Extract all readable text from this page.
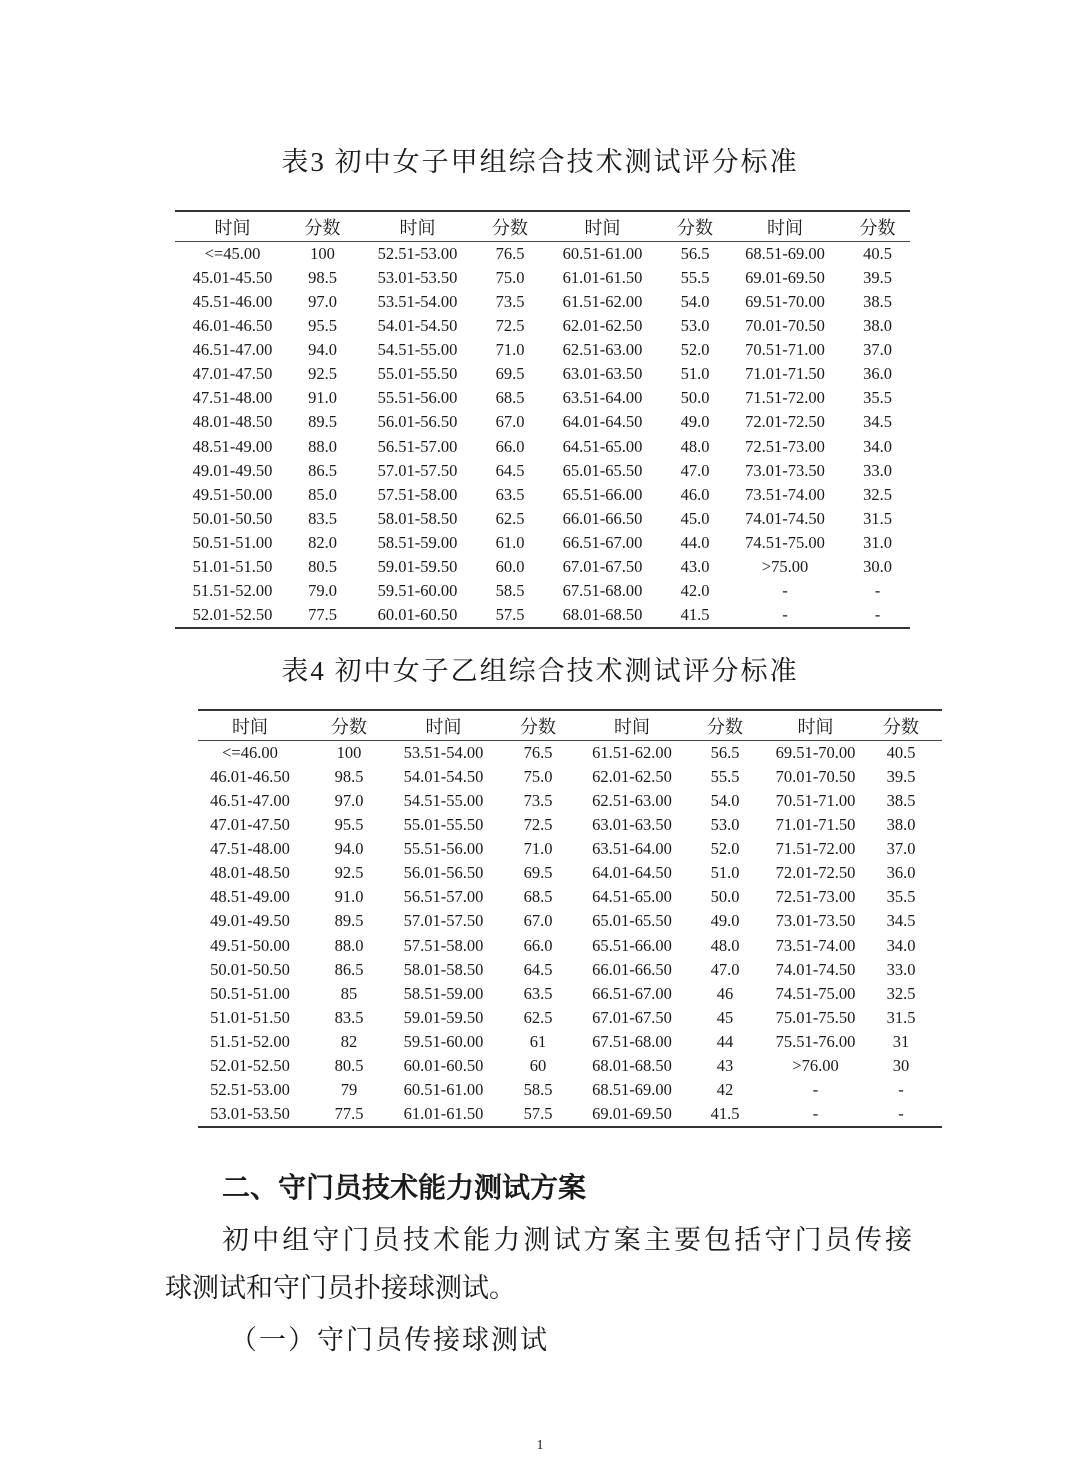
表3 初中女子甲组综合技术测试评分标准
时间	分数	时间	分数	时间	分数	时间	分数
<=45.00	100	52.51-53.00	76.5	60.51-61.00	56.5	68.51-69.00	40.5
45.01-45.50	98.5	53.01-53.50	75.0	61.01-61.50	55.5	69.01-69.50	39.5
45.51-46.00	97.0	53.51-54.00	73.5	61.51-62.00	54.0	69.51-70.00	38.5
46.01-46.50	95.5	54.01-54.50	72.5	62.01-62.50	53.0	70.01-70.50	38.0
46.51-47.00	94.0	54.51-55.00	71.0	62.51-63.00	52.0	70.51-71.00	37.0
47.01-47.50	92.5	55.01-55.50	69.5	63.01-63.50	51.0	71.01-71.50	36.0
47.51-48.00	91.0	55.51-56.00	68.5	63.51-64.00	50.0	71.51-72.00	35.5
48.01-48.50	89.5	56.01-56.50	67.0	64.01-64.50	49.0	72.01-72.50	34.5
48.51-49.00	88.0	56.51-57.00	66.0	64.51-65.00	48.0	72.51-73.00	34.0
49.01-49.50	86.5	57.01-57.50	64.5	65.01-65.50	47.0	73.01-73.50	33.0
49.51-50.00	85.0	57.51-58.00	63.5	65.51-66.00	46.0	73.51-74.00	32.5
50.01-50.50	83.5	58.01-58.50	62.5	66.01-66.50	45.0	74.01-74.50	31.5
50.51-51.00	82.0	58.51-59.00	61.0	66.51-67.00	44.0	74.51-75.00	31.0
51.01-51.50	80.5	59.01-59.50	60.0	67.01-67.50	43.0	>75.00	30.0
51.51-52.00	79.0	59.51-60.00	58.5	67.51-68.00	42.0	-	-
52.01-52.50	77.5	60.01-60.50	57.5	68.01-68.50	41.5	-	-
表4 初中女子乙组综合技术测试评分标准
时间	分数	时间	分数	时间	分数	时间	分数
<=46.00	100	53.51-54.00	76.5	61.51-62.00	56.5	69.51-70.00	40.5
46.01-46.50	98.5	54.01-54.50	75.0	62.01-62.50	55.5	70.01-70.50	39.5
46.51-47.00	97.0	54.51-55.00	73.5	62.51-63.00	54.0	70.51-71.00	38.5
47.01-47.50	95.5	55.01-55.50	72.5	63.01-63.50	53.0	71.01-71.50	38.0
47.51-48.00	94.0	55.51-56.00	71.0	63.51-64.00	52.0	71.51-72.00	37.0
48.01-48.50	92.5	56.01-56.50	69.5	64.01-64.50	51.0	72.01-72.50	36.0
48.51-49.00	91.0	56.51-57.00	68.5	64.51-65.00	50.0	72.51-73.00	35.5
49.01-49.50	89.5	57.01-57.50	67.0	65.01-65.50	49.0	73.01-73.50	34.5
49.51-50.00	88.0	57.51-58.00	66.0	65.51-66.00	48.0	73.51-74.00	34.0
50.01-50.50	86.5	58.01-58.50	64.5	66.01-66.50	47.0	74.01-74.50	33.0
50.51-51.00	85	58.51-59.00	63.5	66.51-67.00	46	74.51-75.00	32.5
51.01-51.50	83.5	59.01-59.50	62.5	67.01-67.50	45	75.01-75.50	31.5
51.51-52.00	82	59.51-60.00	61	67.51-68.00	44	75.51-76.00	31
52.01-52.50	80.5	60.01-60.50	60	68.01-68.50	43	>76.00	30
52.51-53.00	79	60.51-61.00	58.5	68.51-69.00	42	-	-
53.01-53.50	77.5	61.01-61.50	57.5	69.01-69.50	41.5	-	-
二、守门员技术能力测试方案
初中组守门员技术能力测试方案主要包括守门员传接
球测试和守门员扑接球测试。
（一）守门员传接球测试
1
